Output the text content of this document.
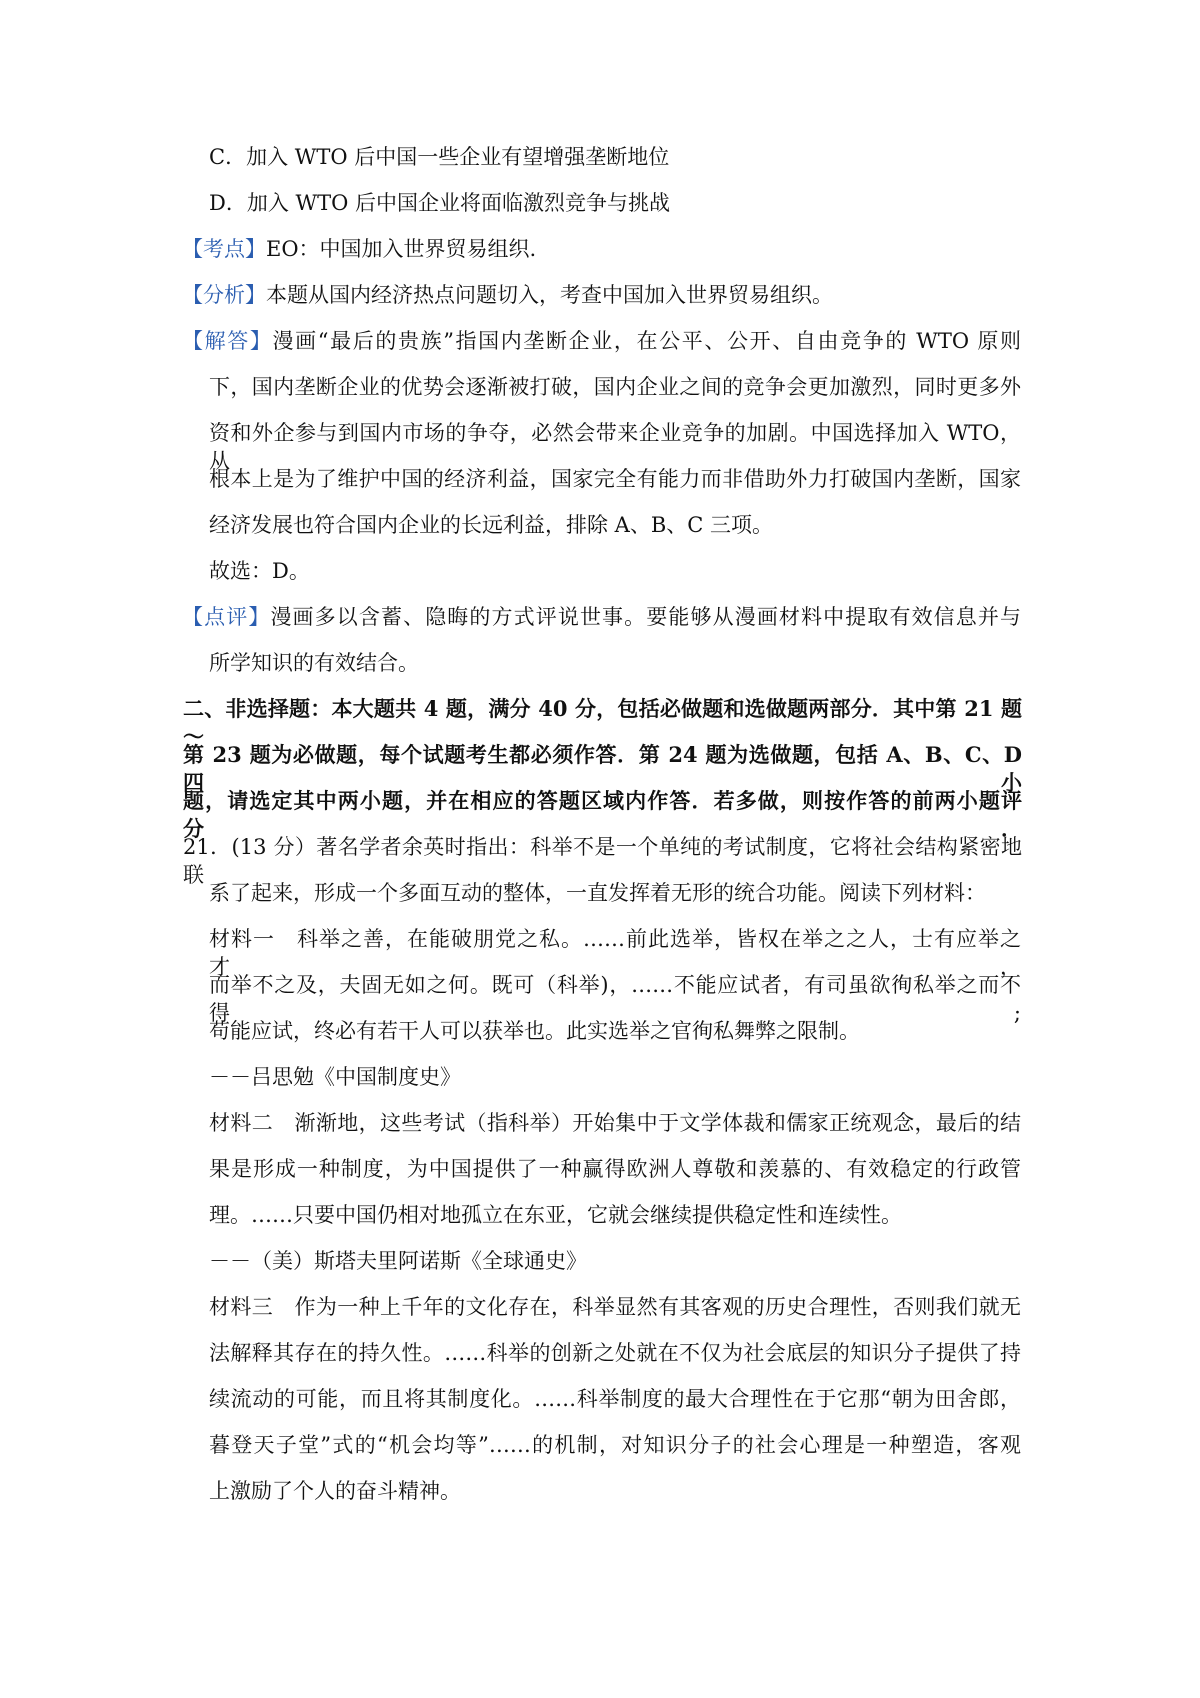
C．加入 WTO 后中国一些企业有望增强垄断地位
D．加入 WTO 后中国企业将面临激烈竞争与挑战
【考点】EO：中国加入世界贸易组织.
【分析】本题从国内经济热点问题切入，考查中国加入世界贸易组织。
【解答】漫画“最后的贵族”指国内垄断企业，在公平、公开、自由竞争的 WTO 原则
下，国内垄断企业的优势会逐渐被打破，国内企业之间的竞争会更加激烈，同时更多外
资和外企参与到国内市场的争夺，必然会带来企业竞争的加剧。中国选择加入 WTO，从
根本上是为了维护中国的经济利益，国家完全有能力而非借助外力打破国内垄断，国家
经济发展也符合国内企业的长远利益，排除 A、B、C 三项。
故选：D。
【点评】漫画多以含蓄、隐晦的方式评说世事。要能够从漫画材料中提取有效信息并与
所学知识的有效结合。
二、非选择题：本大题共 4 题，满分 40 分，包括必做题和选做题两部分．其中第 21 题～
第 23 题为必做题，每个试题考生都必须作答．第 24 题为选做题，包括 A、B、C、D 四小
题，请选定其中两小题，并在相应的答题区域内作答．若多做，则按作答的前两小题评分．
21．(13 分）著名学者余英时指出：科举不是一个单纯的考试制度，它将社会结构紧密地联
系了起来，形成一个多面互动的整体，一直发挥着无形的统合功能。阅读下列材料：
材料一　科举之善，在能破朋党之私。……前此选举，皆权在举之之人，士有应举之才，
而举不之及，夫固无如之何。既可（科举)，……不能应试者，有司虽欲徇私举之而不得;
苟能应试，终必有若干人可以获举也。此实选举之官徇私舞弊之限制。
－－吕思勉《中国制度史》
材料二　渐渐地，这些考试（指科举）开始集中于文学体裁和儒家正统观念，最后的结
果是形成一种制度，为中国提供了一种赢得欧洲人尊敬和羡慕的、有效稳定的行政管
理。……只要中国仍相对地孤立在东亚，它就会继续提供稳定性和连续性。
－－（美）斯塔夫里阿诺斯《全球通史》
材料三　作为一种上千年的文化存在，科举显然有其客观的历史合理性，否则我们就无
法解释其存在的持久性。……科举的创新之处就在不仅为社会底层的知识分子提供了持
续流动的可能，而且将其制度化。……科举制度的最大合理性在于它那“朝为田舍郎，
暮登天子堂”式的“机会均等”……的机制，对知识分子的社会心理是一种塑造，客观
上激励了个人的奋斗精神。
